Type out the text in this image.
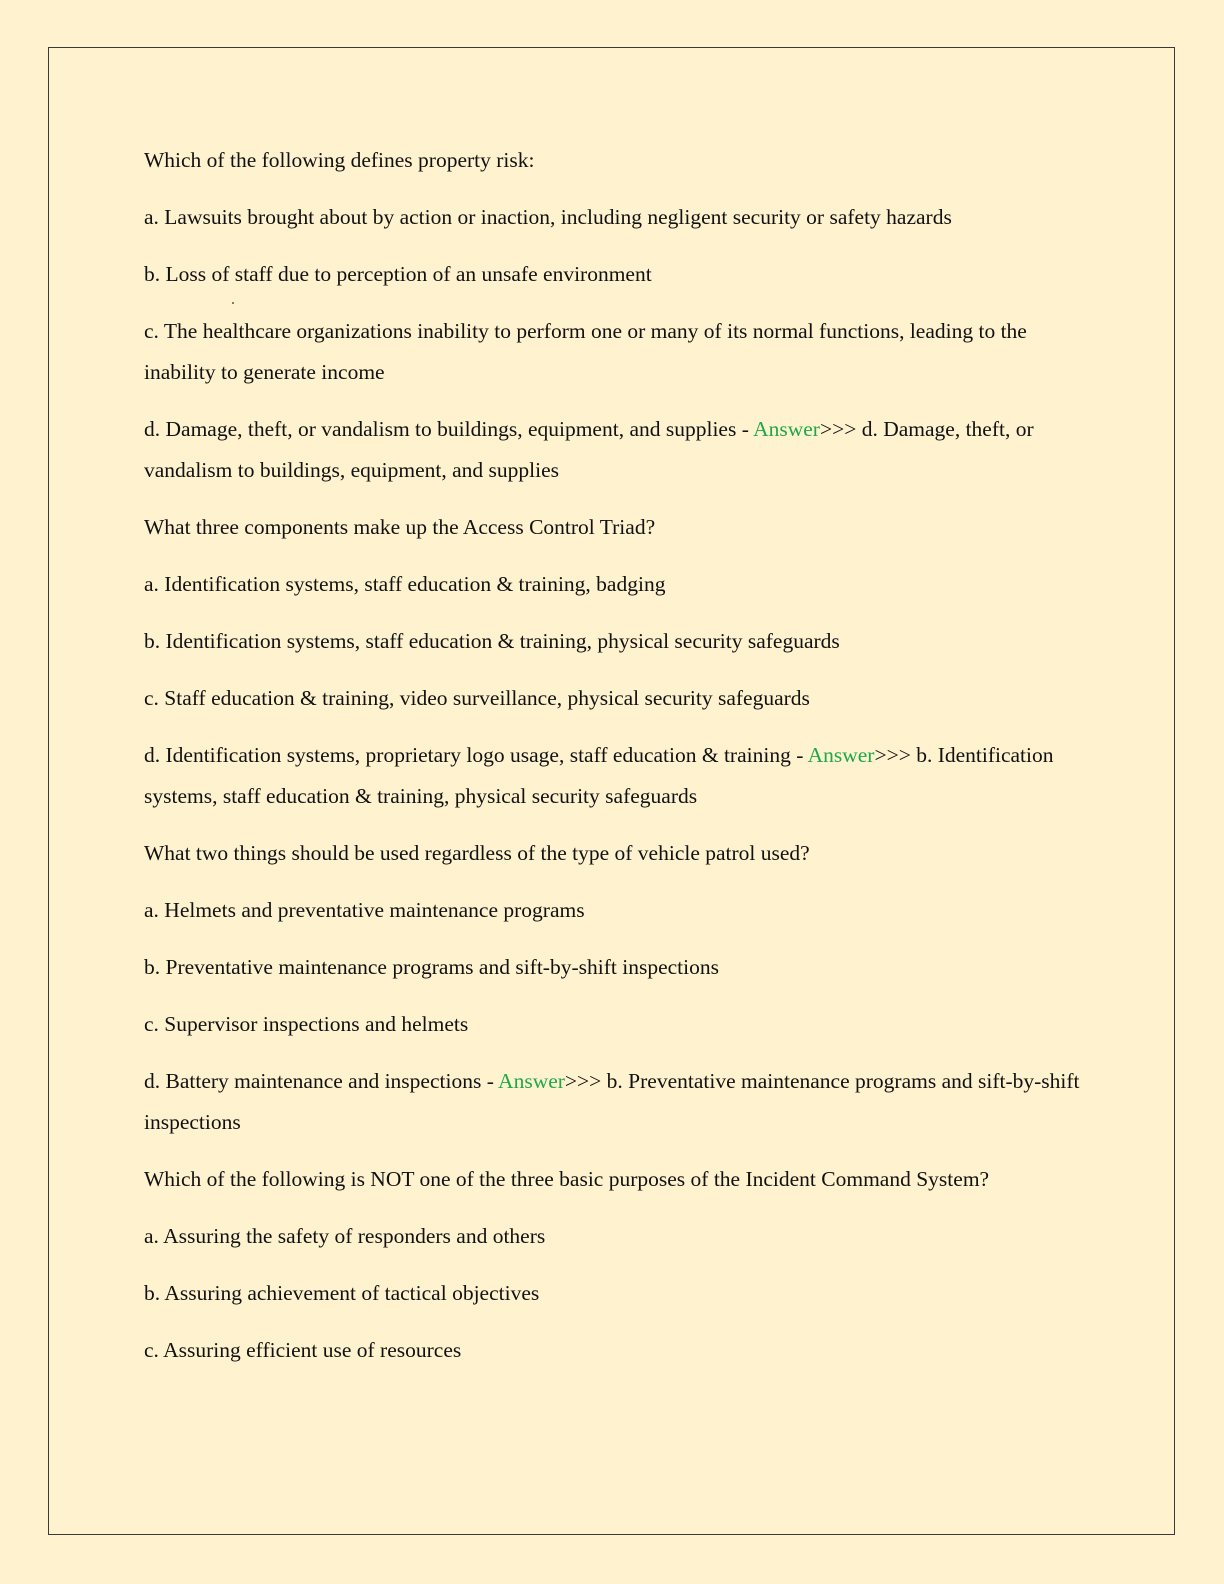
Which of the following defines property risk:

a. Lawsuits brought about by action or inaction, including negligent security or safety hazards

b. Loss of staff due to perception of an unsafe environment

c. The healthcare organizations inability to perform one or many of its normal functions, leading to the inability to generate income

d. Damage, theft, or vandalism to buildings, equipment, and supplies - Answer>>> d. Damage, theft, or vandalism to buildings, equipment, and supplies

What three components make up the Access Control Triad?

a. Identification systems, staff education & training, badging

b. Identification systems, staff education & training, physical security safeguards

c. Staff education & training, video surveillance, physical security safeguards

d. Identification systems, proprietary logo usage, staff education & training - Answer>>> b. Identification systems, staff education & training, physical security safeguards

What two things should be used regardless of the type of vehicle patrol used?

a. Helmets and preventative maintenance programs

b. Preventative maintenance programs and sift-by-shift inspections

c. Supervisor inspections and helmets

d. Battery maintenance and inspections - Answer>>> b. Preventative maintenance programs and sift-by-shift inspections

Which of the following is NOT one of the three basic purposes of the Incident Command System?

a. Assuring the safety of responders and others

b. Assuring achievement of tactical objectives

c. Assuring efficient use of resources
